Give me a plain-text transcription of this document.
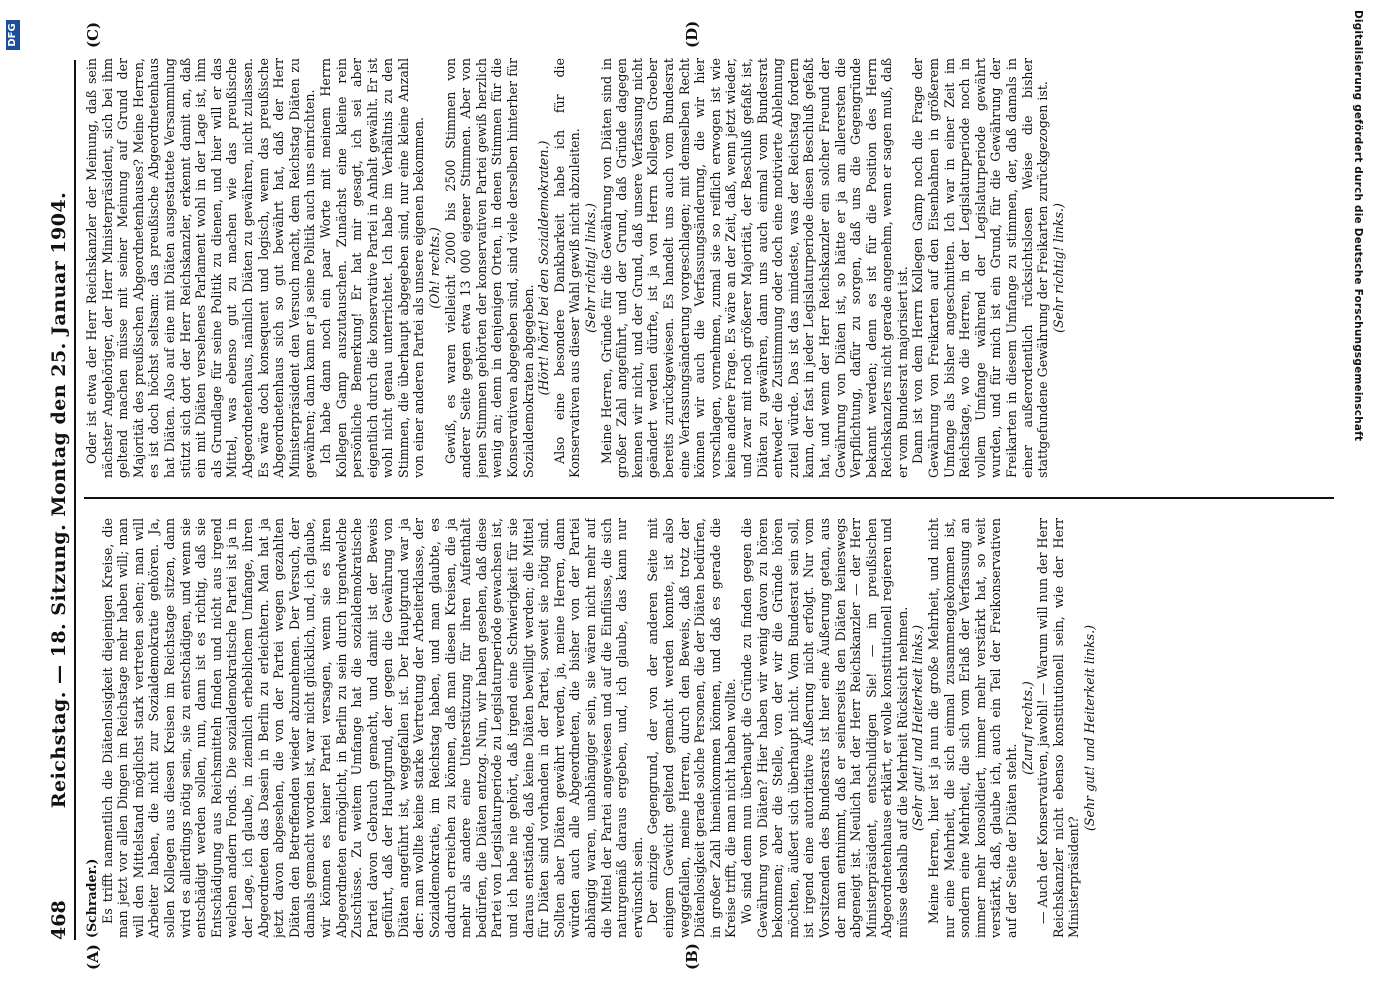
468
Reichstag. — 18. Sitzung. Montag den 25. Januar 1904.
(A)	(B)
(C)	(D)

(Schrader.) Es trifft namentlich die Diätenlosigkeit diejenigen Kreise, die man jetzt vor allen Dingen im Reichstage mehr haben will; man will den Mittelstand möglichst stark vertreten sehen; man will Arbeiter haben, die nicht zur Sozialdemokratie gehören. Ja, sollen Kollegen aus diesen Kreisen im Reichstage sitzen, dann wird es allerdings nötig sein, sie zu entschädigen, und wenn sie entschädigt werden sollen, nun, dann ist es richtig, daß sie Entschädigung aus Reichsmitteln finden und nicht aus irgend welchen andern Fonds. Die sozialdemokratische Partei ist ja in der Lage, ich glaube, in ziemlich erheblichem Umfange, ihren Abgeordneten das Dasein in Berlin zu erleichtern. Man hat ja jetzt davon abgesehen, die von der Partei wegen gezahlten Diäten den Betreffenden wieder abzunehmen. Der Versuch, der damals gemacht worden ist, war nicht glücklich, und, ich glaube, wir können es keiner Partei versagen, wenn sie es ihren Abgeordneten ermöglicht, in Berlin zu sein durch irgendwelche Zuschüsse. Zu weitem Umfange hat die sozialdemokratische Partei davon Gebrauch gemacht, und damit ist der Beweis geführt, daß der Hauptgrund, der gegen die Gewährung von Diäten angeführt ist, weggefallen ist. Der Hauptgrund war ja der: man wollte keine starke Vertretung der Arbeiterklasse, der Sozialdemokratie, im Reichstag haben, und man glaubte, es dadurch erreichen zu können, daß man diesen Kreisen, die ja mehr als andere eine Unterstützung für ihren Aufenthalt bedürfen, die Diäten entzog. Nun, wir haben gesehen, daß diese Partei von Legislaturperiode zu Legislaturperiode gewachsen ist, und ich habe nie gehört, daß irgend eine Schwierigkeit für sie daraus entstände, daß keine Diäten bewilligt werden; die Mittel für Diäten sind vorhanden in der Partei, soweit sie nötig sind. Sollten aber Diäten gewährt werden, ja, meine Herren, dann würden auch alle Abgeordneten, die bisher von der Partei abhängig waren, unabhängiger sein, sie wären nicht mehr auf die Mittel der Partei angewiesen und auf die Einflüsse, die sich naturgemäß daraus ergeben, und, ich glaube, das kann nur erwünscht sein. Der einzige Gegengrund, der von der anderen Seite mit einigem Gewicht geltend gemacht werden konnte, ist also weggefallen, meine Herren, durch den Beweis, daß trotz der Diätenlosigkeit gerade solche Personen, die der Diäten bedürfen, in großer Zahl hineinkommen können, und daß es gerade die Kreise trifft, die man nicht haben wollte. Wo sind denn nun überhaupt die Gründe zu finden gegen die Gewährung von Diäten? Hier haben wir wenig davon zu hören bekommen; aber die Stelle, von der wir die Gründe hören möchten, äußert sich überhaupt nicht. Vom Bundesrat sein soll, ist irgend eine autoritative Äußerung nicht erfolgt. Nur vom Vorsitzenden des Bundesrats ist hier eine Äußerung getan, aus der man entnimmt, daß er seinerseits den Diäten keineswegs abgeneigt ist. Neulich hat der Herr Reichskanzler — der Herr Ministerpräsident, entschuldigen Sie! — im preußischen Abgeordnetenhause erklärt, er wolle konstitutionell regieren und müsse deshalb auf die Mehrheit Rücksicht nehmen. (Sehr gut! und Heiterkeit links.) Meine Herren, hier ist ja nun die große Mehrheit, und nicht nur eine Mehrheit, die sich einmal zusammengekommen ist, sondern eine Mehrheit, die sich vom Erlaß der Verfassung an immer mehr konsolidiert, immer mehr verstärkt hat, so weit verstärkt, daß, glaube ich, auch ein Teil der Freikonservativen auf der Seite der Diäten steht.

(Zuruf rechts.) — Auch der Konservativen, jawohl! — Warum will nun der Herr Reichskanzler nicht ebenso konstitutionell sein, wie der Herr Ministerpräsident?

(Sehr gut! und Heiterkeit links.)

Oder ist etwa der Herr Reichskanzler der Meinung, daß sein nächster Angehöriger, der Herr Ministerpräsident, sich bei ihm geltend machen müsse mit seiner Meinung auf Grund der Majorität des preußischen Abgeordnetenhauses? Meine Herren, es ist doch höchst seltsam: das preußische Abgeordnetenhaus hat Diäten. Also auf eine mit Diäten ausgestattete Versammlung stützt sich dort der Herr Reichskanzler, erkennt damit an, daß ein mit Diäten versehenes Parlament wohl in der Lage ist, ihm als Grundlage für seine Politik zu dienen, und hier will er das Mittel, was ebenso gut zu machen wie das preußische Abgeordnetenhaus, nämlich Diäten zu gewähren, nicht zulassen. Es wäre doch konsequent und logisch, wenn das preußische Abgeordnetenhaus sich so gut bewährt hat, daß der Herr Ministerpräsident den Versuch macht, dem Reichstag Diäten zu gewähren; dann kann er ja seine Politik auch uns einrichten. Ich habe dann noch ein paar Worte mit meinem Herrn Kollegen Gamp auszutauschen. Zunächst eine kleine rein persönliche Bemerkung! Er hat mir gesagt, ich sei aber eigentlich durch die konservative Partei in Anhalt gewählt. Er ist wohl nicht genau unterrichtet. Ich habe im Verhältnis zu den Stimmen, die überhaupt abgegeben sind, nur eine kleine Anzahl von einer anderen Partei als unsere eigenen bekommen. (Oh! rechts.) Gewiß, es waren vielleicht 2000 bis 2500 Stimmen von anderer Seite gegen etwa 13 000 eigener Stimmen. Aber von jenen Stimmen gehörten der konservativen Partei gewiß herzlich wenig an; denn in denjenigen Orten, in denen Stimmen für die Konservativen abgegeben sind, sind viele derselben hinterher für Sozialdemokraten abgegeben. (Hört! hört! bei den Sozialdemokraten.) Also eine besondere Dankbarkeit habe ich für die Konservativen aus dieser Wahl gewiß nicht abzuleiten. (Sehr richtig! links.) Meine Herren, Gründe für die Gewährung von Diäten sind in großer Zahl angeführt, und der Grund, daß Gründe dagegen kennen wir nicht, und der Grund, daß unsere Verfassung nicht geändert werden dürfte, ist ja von Herrn Kollegen Groeber bereits zurückgewiesen. Es handelt uns auch vom Bundesrat eine Verfassungsänderung vorgeschlagen; mit demselben Recht können wir auch die Verfassungsänderung, die wir hier vorschlagen, vornehmen, zumal sie so reiflich erwogen ist wie keine andere Frage. Es wäre an der Zeit, daß, wenn jetzt wieder, und zwar mit noch größerer Majorität, der Beschluß gefaßt ist, Diäten zu gewähren, dann uns auch einmal vom Bundesrat entweder die Zustimmung oder doch eine motivierte Ablehnung zuteil würde. Das ist das mindeste, was der Reichstag fordern kann, der fast in jeder Legislaturperiode diesen Beschluß gefaßt hat, und wenn der Herr Reichskanzler ein solcher Freund der Gewährung von Diäten ist, so hätte er ja am allerersten die Verpflichtung, dafür zu sorgen, daß uns die Gegengründe bekannt werden; denn es ist für die Position des Herrn Reichskanzlers nicht gerade angenehm, wenn er sagen muß, daß er vom Bundesrat majorisiert ist. Dann ist von dem Herrn Kollegen Gamp noch die Frage der Gewährung von Freikarten auf den Eisenbahnen in größerem Umfange als bisher angeschnitten. Ich war in einer Zeit im Reichstage, wo die Herren, in der Legislaturperiode noch in vollem Umfange während der Legislaturperiode gewährt wurden, und für mich ist ein Grund, für die Gewährung der Freikarten in diesem Umfange zu stimmen, der, daß damals in einer außerordentlich rücksichtslosen Weise die bisher stattgefundene Gewährung der Freikarten zurückgezogen ist. (Sehr richtig! links.)

DFG	Digitalisierung gefördert durch die Deutsche Forschungsgemeinschaft
